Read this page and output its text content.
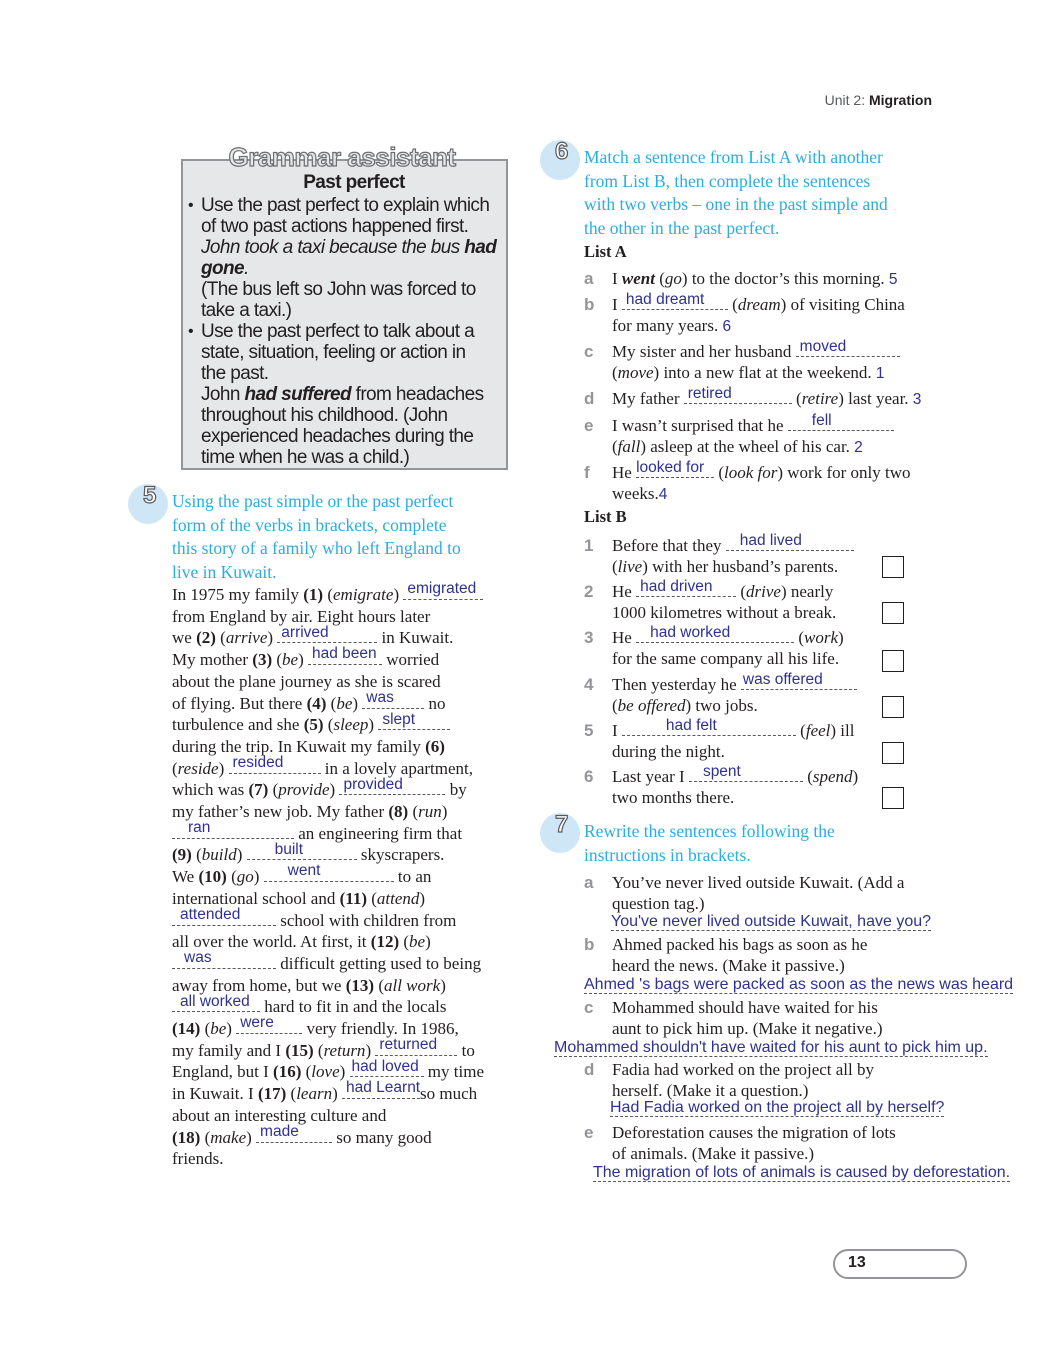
Unit 2: Migration
Grammar assistant
Past perfect
• Use the past perfect to explain which
of two past actions happened first.
John took a taxi because the bus had gone.
(The bus left so John was forced to
take a taxi.)
• Use the past perfect to talk about a
state, situation, feeling or action in
the past.
John had suffered from headaches
throughout his childhood. (John
experienced headaches during the
time when he was a child.)
5 Using the past simple or the past perfect
form of the verbs in brackets, complete
this story of a family who left England to
live in Kuwait.
In 1975 my family (1) (emigrate) emigrated
from England by air. Eight hours later
we (2) (arrive) arrived	in Kuwait.
My mother (3) (be) had been worried
about the plane journey as she is scared
of flying. But there (4) (be) was no
turbulence and she (5) (sleep) slept
during the trip. In Kuwait my family (6)
(reside) resided in a lovely apartment,
which was (7) (provide) provided	by
my father’s new job. My father (8) (run)
ran	an engineering firm that
(9) (build) built	skyscrapers.
We (10) (go) went	to an
international school and (11) (attend)
attended school with children from
all over the world. At first, it (12) (be)
was	difficult getting used to being
away from home, but we (13) (all work)
all worked hard to fit in and the locals
(14) (be) were very friendly. In 1986,
my family and I (15) (return) returned to
England, but I (16) (love) had loved my time
in Kuwait. I (17) (learn) had Learnt so much
about an interesting culture and
(18) (make) made so many good
friends.
6 Match a sentence from List A with another
from List B, then complete the sentences
with two verbs – one in the past simple and
the other in the past perfect.
List A
a	I went (go) to the doctor’s this morning. 5
b	I had dreamt (dream) of visiting China
for many years. 6
c	My sister and her husband moved
(move) into a new flat at the weekend. 1
d	My father retired	(retire) last year. 3
e	I wasn’t surprised that he fell
(fall) asleep at the wheel of his car. 2
f	He looked for (look for) work for only two
weeks.4
List B
1	Before that they had lived
(live) with her husband’s parents.
2	He had driven (drive) nearly
1000 kilometres without a break.
3	He had worked	(work)
for the same company all his life.
4	Then yesterday he was offered
(be offered) two jobs.
5	I	had felt	(feel) ill
during the night.
6	Last year I spent	(spend)
two months there.
7 Rewrite the sentences following the
instructions in brackets.
a	You’ve never lived outside Kuwait. (Add a
question tag.)
You've never lived outside Kuwait, have you?
b	Ahmed packed his bags as soon as he
heard the news. (Make it passive.)
Ahmed 's bags were packed as soon as the news was heard
c	Mohammed should have waited for his
aunt to pick him up. (Make it negative.)
Mohammed shouldn't have waited for his aunt to pick him up.
d	Fadia had worked on the project all by
herself. (Make it a question.)
Had Fadia worked on the project all by herself?
e	Deforestation causes the migration of lots
of animals. (Make it passive.)
The migration of lots of animals is caused by deforestation.
13
